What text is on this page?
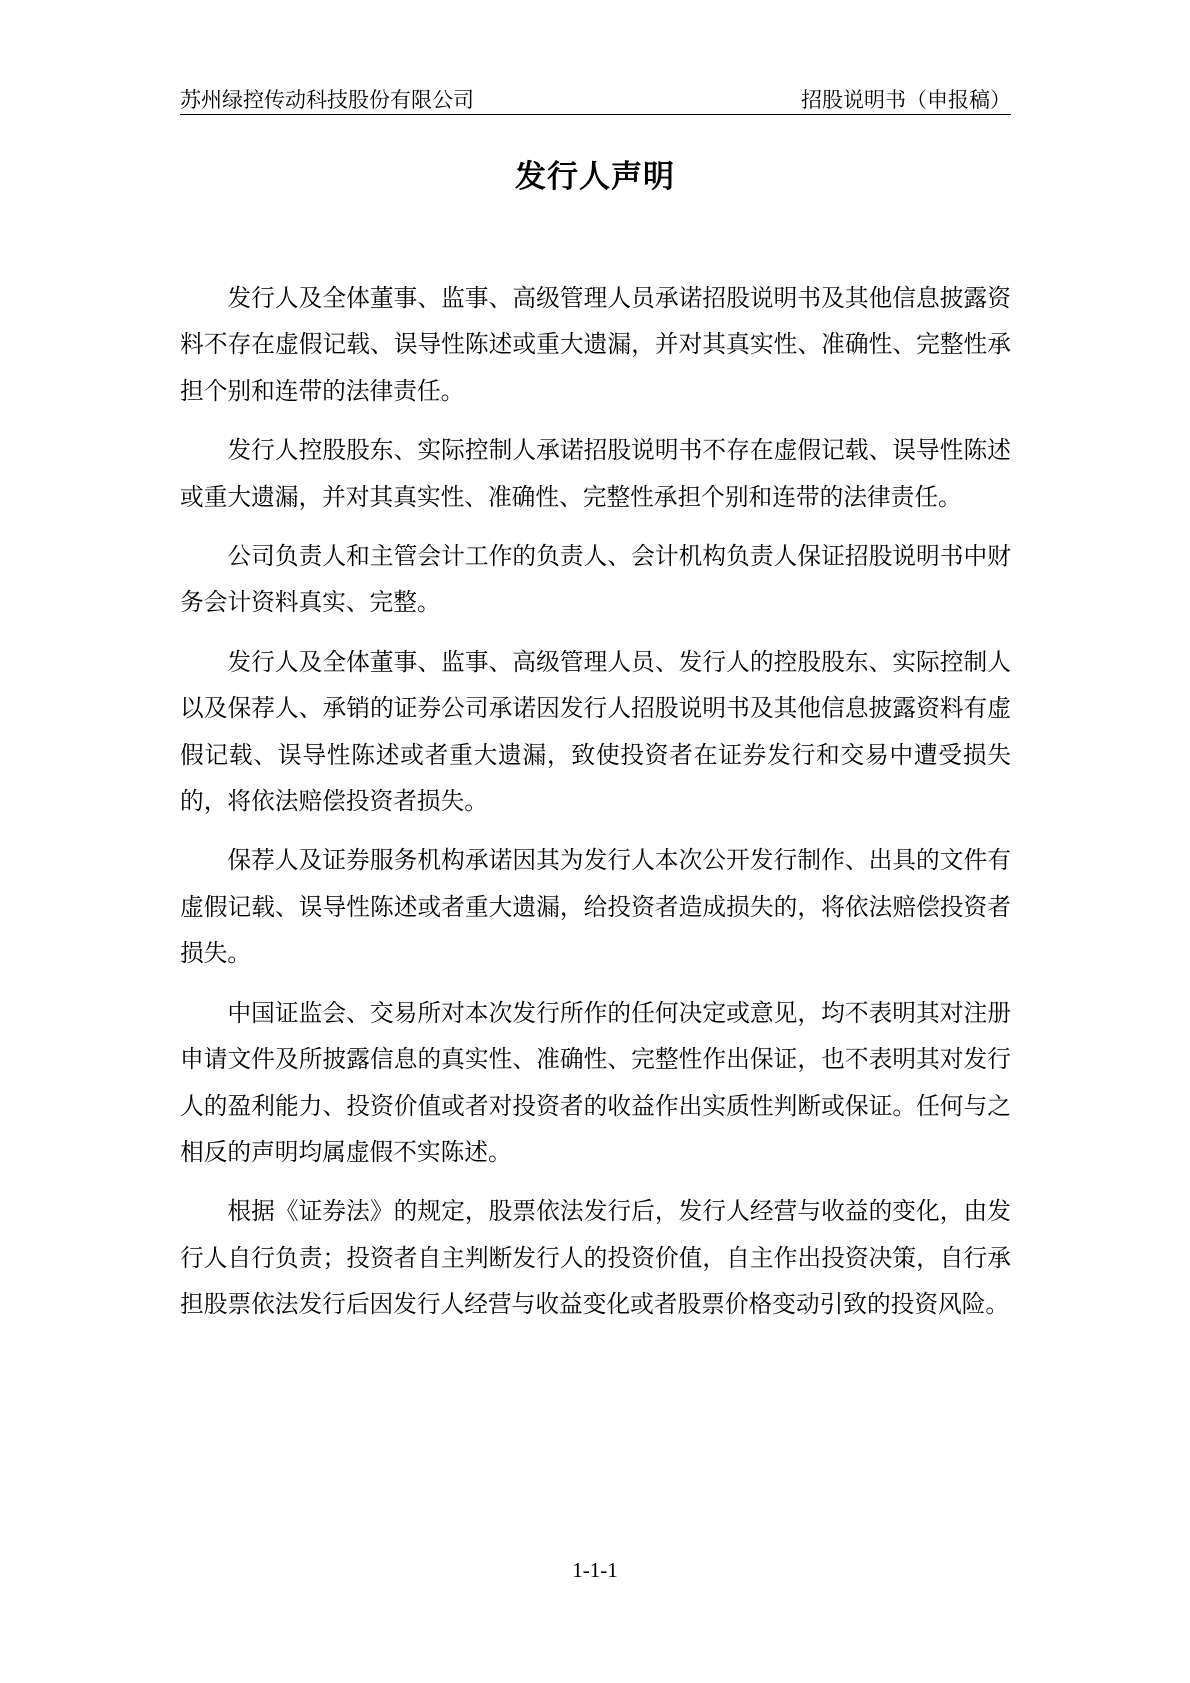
苏州绿控传动科技股份有限公司	招股说明书（申报稿）
发行人声明

发行人及全体董事、监事、高级管理人员承诺招股说明书及其他信息披露资料不存在虚假记载、误导性陈述或重大遗漏，并对其真实性、准确性、完整性承担个别和连带的法律责任。

发行人控股股东、实际控制人承诺招股说明书不存在虚假记载、误导性陈述或重大遗漏，并对其真实性、准确性、完整性承担个别和连带的法律责任。

公司负责人和主管会计工作的负责人、会计机构负责人保证招股说明书中财务会计资料真实、完整。

发行人及全体董事、监事、高级管理人员、发行人的控股股东、实际控制人以及保荐人、承销的证券公司承诺因发行人招股说明书及其他信息披露资料有虚假记载、误导性陈述或者重大遗漏，致使投资者在证券发行和交易中遭受损失的，将依法赔偿投资者损失。

保荐人及证券服务机构承诺因其为发行人本次公开发行制作、出具的文件有虚假记载、误导性陈述或者重大遗漏，给投资者造成损失的，将依法赔偿投资者损失。

中国证监会、交易所对本次发行所作的任何决定或意见，均不表明其对注册申请文件及所披露信息的真实性、准确性、完整性作出保证，也不表明其对发行人的盈利能力、投资价值或者对投资者的收益作出实质性判断或保证。任何与之相反的声明均属虚假不实陈述。

根据《证券法》的规定，股票依法发行后，发行人经营与收益的变化，由发行人自行负责；投资者自主判断发行人的投资价值，自主作出投资决策，自行承担股票依法发行后因发行人经营与收益变化或者股票价格变动引致的投资风险。

1-1-1
